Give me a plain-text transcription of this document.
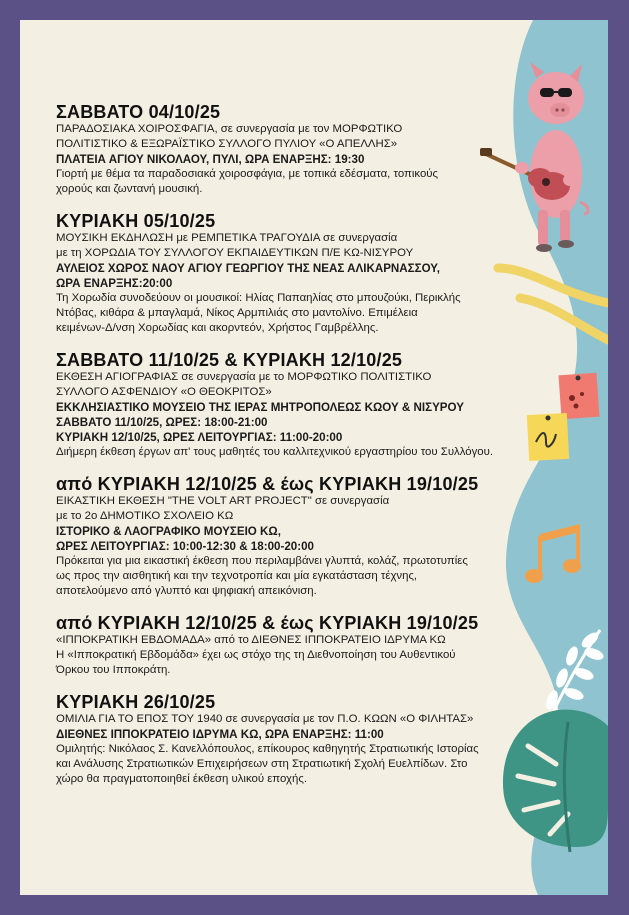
ΣΑΒΒΑΤΟ 04/10/25

ΠΑΡΑΔΟΣΙΑΚΑ ΧΟΙΡΟΣΦΑΓΙΑ, σε συνεργασία με τον ΜΟΡΦΩΤΙΚΟ

ΠΟΛΙΤΙΣΤΙΚΟ & ΕΞΩΡΑΪΣΤΙΚΟ ΣΥΛΛΟΓΟ ΠΥΛΙΟΥ «Ο ΑΠΕΛΛΗΣ»

ΠΛΑΤΕΙΑ ΑΓΙΟΥ ΝΙΚΟΛΑΟΥ, ΠΥΛΙ, ΩΡΑ ΕΝΑΡΞΗΣ: 19:30

Γιορτή με θέμα τα παραδοσιακά χοιροσφάγια, με τοπικά εδέσματα, τοπικούς

χορούς και ζωντανή μουσική.

ΚΥΡΙΑΚΗ 05/10/25

ΜΟΥΣΙΚΗ ΕΚΔΗΛΩΣΗ με ΡΕΜΠΕΤΙΚΑ ΤΡΑΓΟΥΔΙΑ σε συνεργασία

με τη ΧΟΡΩΔΙΑ ΤΟΥ ΣΥΛΛΟΓΟΥ ΕΚΠΑΙΔΕΥΤΙΚΩΝ Π/Ε ΚΩ-ΝΙΣΥΡΟΥ

ΑΥΛΕΙΟΣ ΧΩΡΟΣ ΝΑΟΥ ΑΓΙΟΥ ΓΕΩΡΓΙΟΥ ΤΗΣ ΝΕΑΣ ΑΛΙΚΑΡΝΑΣΣΟΥ,

ΩΡΑ ΕΝΑΡΞΗΣ:20:00

Τη Χορωδία συνοδεύουν οι μουσικοί: Ηλίας Παπαηλίας στο μπουζούκι, Περικλής

Ντόβας, κιθάρα & μπαγλαμά, Νίκος Αρμπιλιάς στο μαντολίνο. Επιμέλεια

κειμένων-Δ/νση Χορωδίας και ακορντεόν, Χρήστος Γαμβρέλλης.

ΣΑΒΒΑΤΟ 11/10/25 & ΚΥΡΙΑΚΗ 12/10/25

ΕΚΘΕΣΗ ΑΓΙΟΓΡΑΦΙΑΣ σε συνεργασία με το ΜΟΡΦΩΤΙΚΟ ΠΟΛΙΤΙΣΤΙΚΟ

ΣΥΛΛΟΓΟ ΑΣΦΕΝΔΙΟΥ «Ο ΘΕΟΚΡΙΤΟΣ»

ΕΚΚΛΗΣΙΑΣΤΙΚΟ ΜΟΥΣΕΙΟ ΤΗΣ ΙΕΡΑΣ ΜΗΤΡΟΠΟΛΕΩΣ ΚΩΟΥ & ΝΙΣΥΡΟΥ

ΣΑΒΒΑΤΟ 11/10/25, ΩΡΕΣ: 18:00-21:00

ΚΥΡΙΑΚΗ 12/10/25, ΩΡΕΣ ΛΕΙΤΟΥΡΓΙΑΣ: 11:00-20:00

Διήμερη έκθεση έργων απ' τους μαθητές του καλλιτεχνικού εργαστηρίου του Συλλόγου.

από ΚΥΡΙΑΚΗ 12/10/25 & έως ΚΥΡΙΑΚΗ 19/10/25

ΕΙΚΑΣΤΙΚΗ ΕΚΘΕΣΗ "THE VOLT ART PROJECT" σε συνεργασία

με το 2ο ΔΗΜΟΤΙΚΟ ΣΧΟΛΕΙΟ ΚΩ

ΙΣΤΟΡΙΚΟ & ΛΑΟΓΡΑΦΙΚΟ ΜΟΥΣΕΙΟ ΚΩ,

ΩΡΕΣ ΛΕΙΤΟΥΡΓΙΑΣ: 10:00-12:30 & 18:00-20:00

Πρόκειται για μια εικαστική έκθεση που περιλαμβάνει γλυπτά, κολάζ, πρωτοτυπίες

ως προς την αισθητική και την τεχνοτροπία και μία εγκατάσταση τέχνης,

αποτελούμενο από γλυπτό και ψηφιακή απεικόνιση.

από ΚΥΡΙΑΚΗ 12/10/25 & έως ΚΥΡΙΑΚΗ 19/10/25

«ΙΠΠΟΚΡΑΤΙΚΗ ΕΒΔΟΜΑΔΑ» από το ΔΙΕΘΝΕΣ ΙΠΠΟΚΡΑΤΕΙΟ ΙΔΡΥΜΑ ΚΩ

Η «Ιπποκρατική Εβδομάδα» έχει ως στόχο της τη Διεθνοποίηση του Αυθεντικού

Όρκου του Ιπποκράτη.

ΚΥΡΙΑΚΗ 26/10/25

ΟΜΙΛΙΑ ΓΙΑ ΤΟ ΕΠΟΣ ΤΟΥ 1940 σε συνεργασία με τον Π.Ο. ΚΩΩΝ «Ο ΦΙΛΗΤΑΣ»

ΔΙΕΘΝΕΣ ΙΠΠΟΚΡΑΤΕΙΟ ΙΔΡΥΜΑ ΚΩ, ΩΡΑ ΕΝΑΡΞΗΣ: 11:00

Ομιλητής: Νικόλαος Σ. Κανελλόπουλος, επίκουρος καθηγητής Στρατιωτικής Ιστορίας

και Ανάλυσης Στρατιωτικών Επιχειρήσεων στη Στρατιωτική Σχολή Ευελπίδων. Στο

χώρο θα πραγματοποιηθεί έκθεση υλικού εποχής.
